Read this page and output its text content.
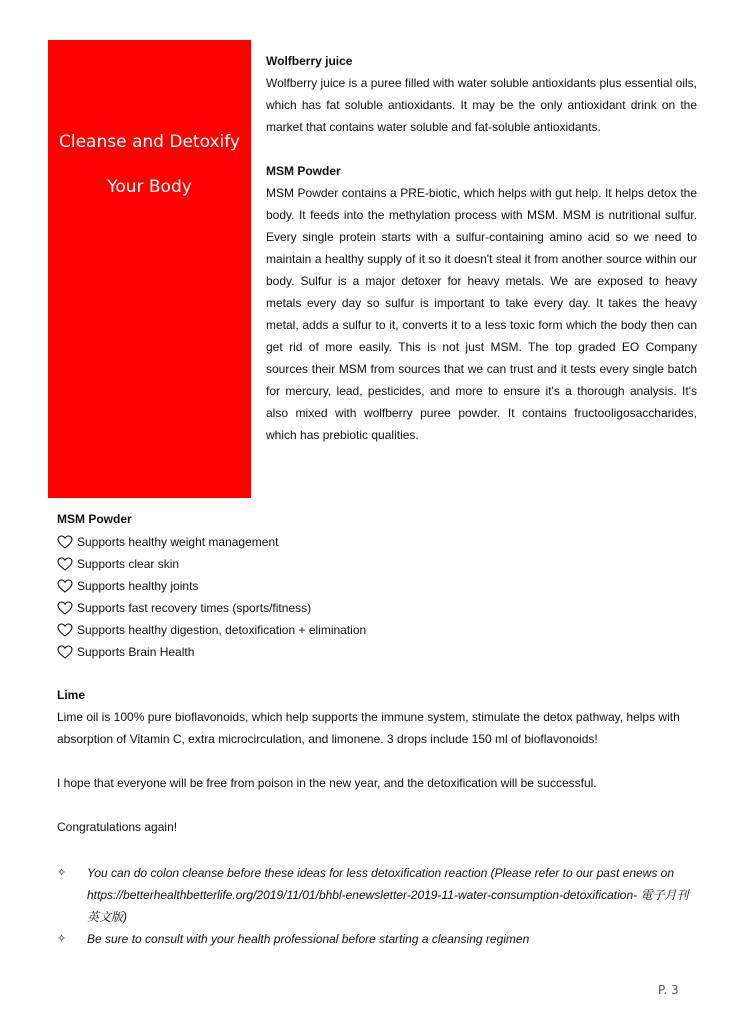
Cleanse and Detoxify
Your Body
Wolfberry juice
Wolfberry juice is a puree filled with water soluble antioxidants plus essential oils, which has fat soluble antioxidants. It may be the only antioxidant drink on the market that contains water soluble and fat-soluble antioxidants.
MSM Powder
MSM Powder contains a PRE-biotic, which helps with gut help. It helps detox the body. It feeds into the methylation process with MSM. MSM is nutritional sulfur. Every single protein starts with a sulfur-containing amino acid so we need to maintain a healthy supply of it so it doesn't steal it from another source within our body. Sulfur is a major detoxer for heavy metals. We are exposed to heavy metals every day so sulfur is important to take every day. It takes the heavy metal, adds a sulfur to it, converts it to a less toxic form which the body then can get rid of more easily. This is not just MSM. The top graded EO Company sources their MSM from sources that we can trust and it tests every single batch for mercury, lead, pesticides, and more to ensure it's a thorough analysis. It's also mixed with wolfberry puree powder. It contains fructooligosaccharides, which has prebiotic qualities.
MSM Powder
Supports healthy weight management
Supports clear skin
Supports healthy joints
Supports fast recovery times (sports/fitness)
Supports healthy digestion, detoxification + elimination
Supports Brain Health
Lime
Lime oil is 100% pure bioflavonoids, which help supports the immune system, stimulate the detox pathway, helps with absorption of Vitamin C, extra microcirculation, and limonene. 3 drops include 150 ml of bioflavonoids!
I hope that everyone will be free from poison in the new year, and the detoxification will be successful.
Congratulations again!
✧	You can do colon cleanse before these ideas for less detoxification reaction (Please refer to our past enews on https://betterhealthbetterlife.org/2019/11/01/bhbl-enewsletter-2019-11-water-consumption-detoxification- 電子月刊英文版)
✧	Be sure to consult with your health professional before starting a cleansing regimen
P. 3
